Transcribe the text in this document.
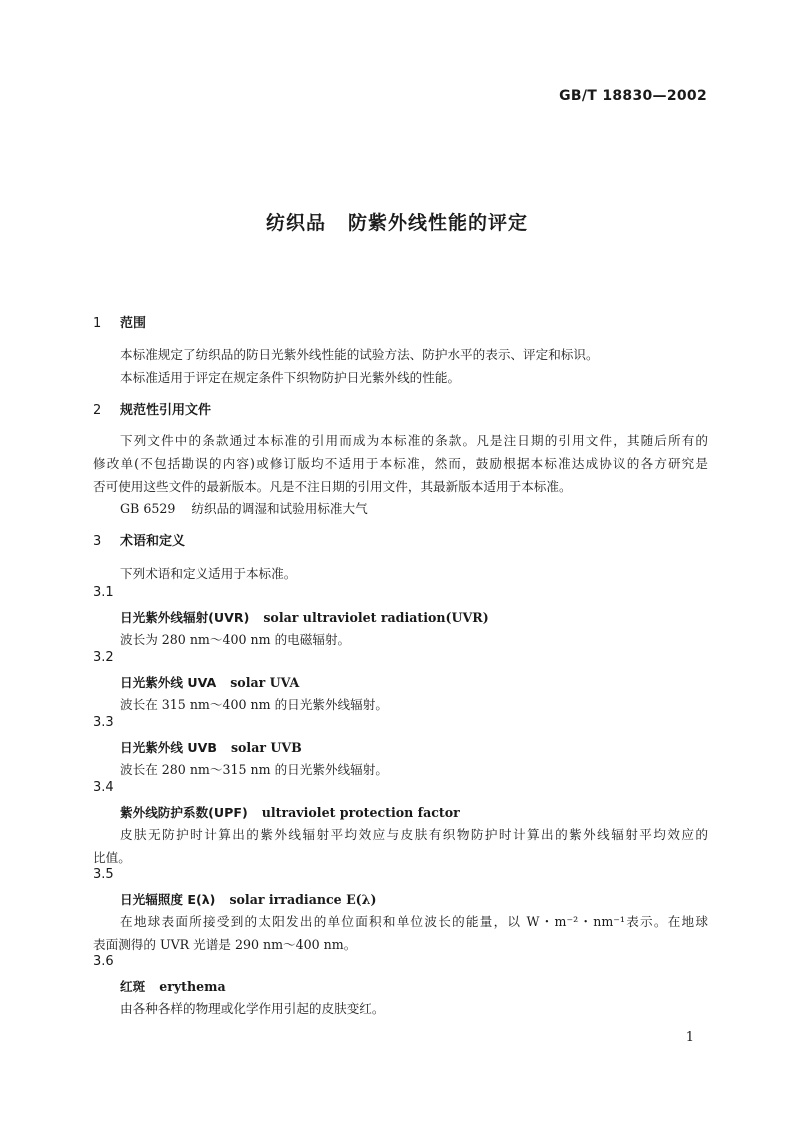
GB/T 18830—2002
纺织品 防紫外线性能的评定
1 范围
本标准规定了纺织品的防日光紫外线性能的试验方法、防护水平的表示、评定和标识。
本标准适用于评定在规定条件下织物防护日光紫外线的性能。
2 规范性引用文件
下列文件中的条款通过本标准的引用而成为本标准的条款。凡是注日期的引用文件，其随后所有的
修改单(不包括勘误的内容)或修订版均不适用于本标准，然而，鼓励根据本标准达成协议的各方研究是
否可使用这些文件的最新版本。凡是不注日期的引用文件，其最新版本适用于本标准。
GB 6529 纺织品的调湿和试验用标准大气
3 术语和定义
下列术语和定义适用于本标准。
3.1
日光紫外线辐射(UVR) solar ultraviolet radiation(UVR)
波长为 280 nm～400 nm 的电磁辐射。
3.2
日光紫外线 UVA solar UVA
波长在 315 nm～400 nm 的日光紫外线辐射。
3.3
日光紫外线 UVB solar UVB
波长在 280 nm～315 nm 的日光紫外线辐射。
3.4
紫外线防护系数(UPF) ultraviolet protection factor
皮肤无防护时计算出的紫外线辐射平均效应与皮肤有织物防护时计算出的紫外线辐射平均效应的
比值。
3.5
日光辐照度 E(λ) solar irradiance E(λ)
在地球表面所接受到的太阳发出的单位面积和单位波长的能量，以 W・m⁻²・nm⁻¹表示。在地球
表面测得的 UVR 光谱是 290 nm～400 nm。
3.6
红斑 erythema
由各种各样的物理或化学作用引起的皮肤变红。
1
